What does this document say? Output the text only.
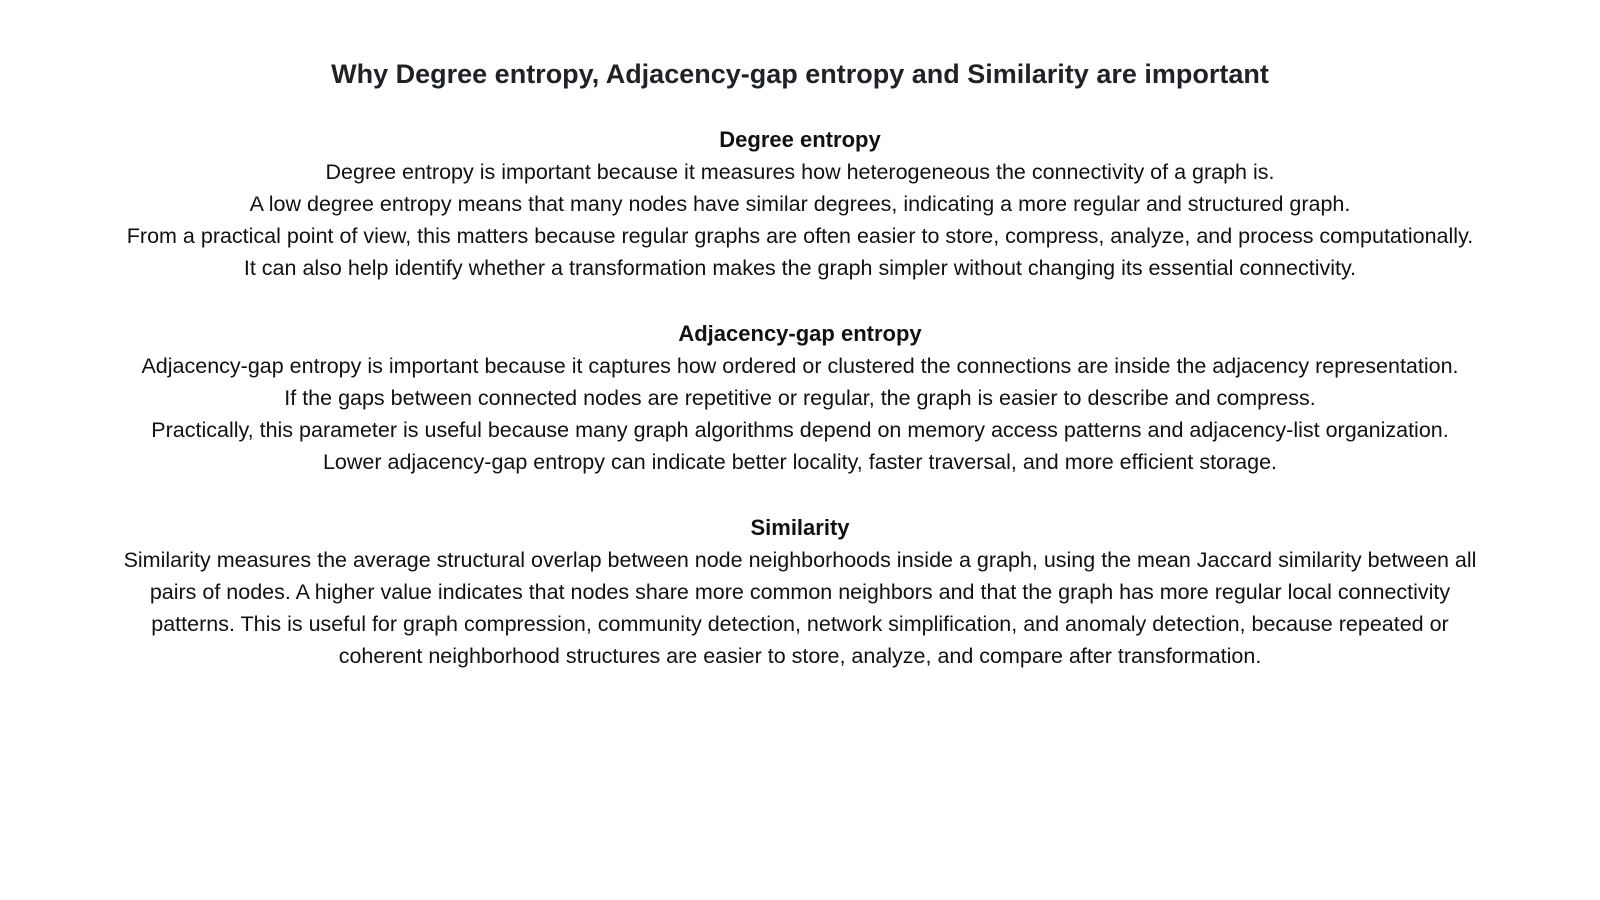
Why Degree entropy, Adjacency-gap entropy and Similarity are important
Degree entropy
Degree entropy is important because it measures how heterogeneous the connectivity of a graph is.
A low degree entropy means that many nodes have similar degrees, indicating a more regular and structured graph.
From a practical point of view, this matters because regular graphs are often easier to store, compress, analyze, and process computationally.
It can also help identify whether a transformation makes the graph simpler without changing its essential connectivity.
Adjacency-gap entropy
Adjacency-gap entropy is important because it captures how ordered or clustered the connections are inside the adjacency representation.
If the gaps between connected nodes are repetitive or regular, the graph is easier to describe and compress.
Practically, this parameter is useful because many graph algorithms depend on memory access patterns and adjacency-list organization.
Lower adjacency-gap entropy can indicate better locality, faster traversal, and more efficient storage.
Similarity
Similarity measures the average structural overlap between node neighborhoods inside a graph, using the mean Jaccard similarity between all
pairs of nodes. A higher value indicates that nodes share more common neighbors and that the graph has more regular local connectivity
patterns. This is useful for graph compression, community detection, network simplification, and anomaly detection, because repeated or
coherent neighborhood structures are easier to store, analyze, and compare after transformation.
